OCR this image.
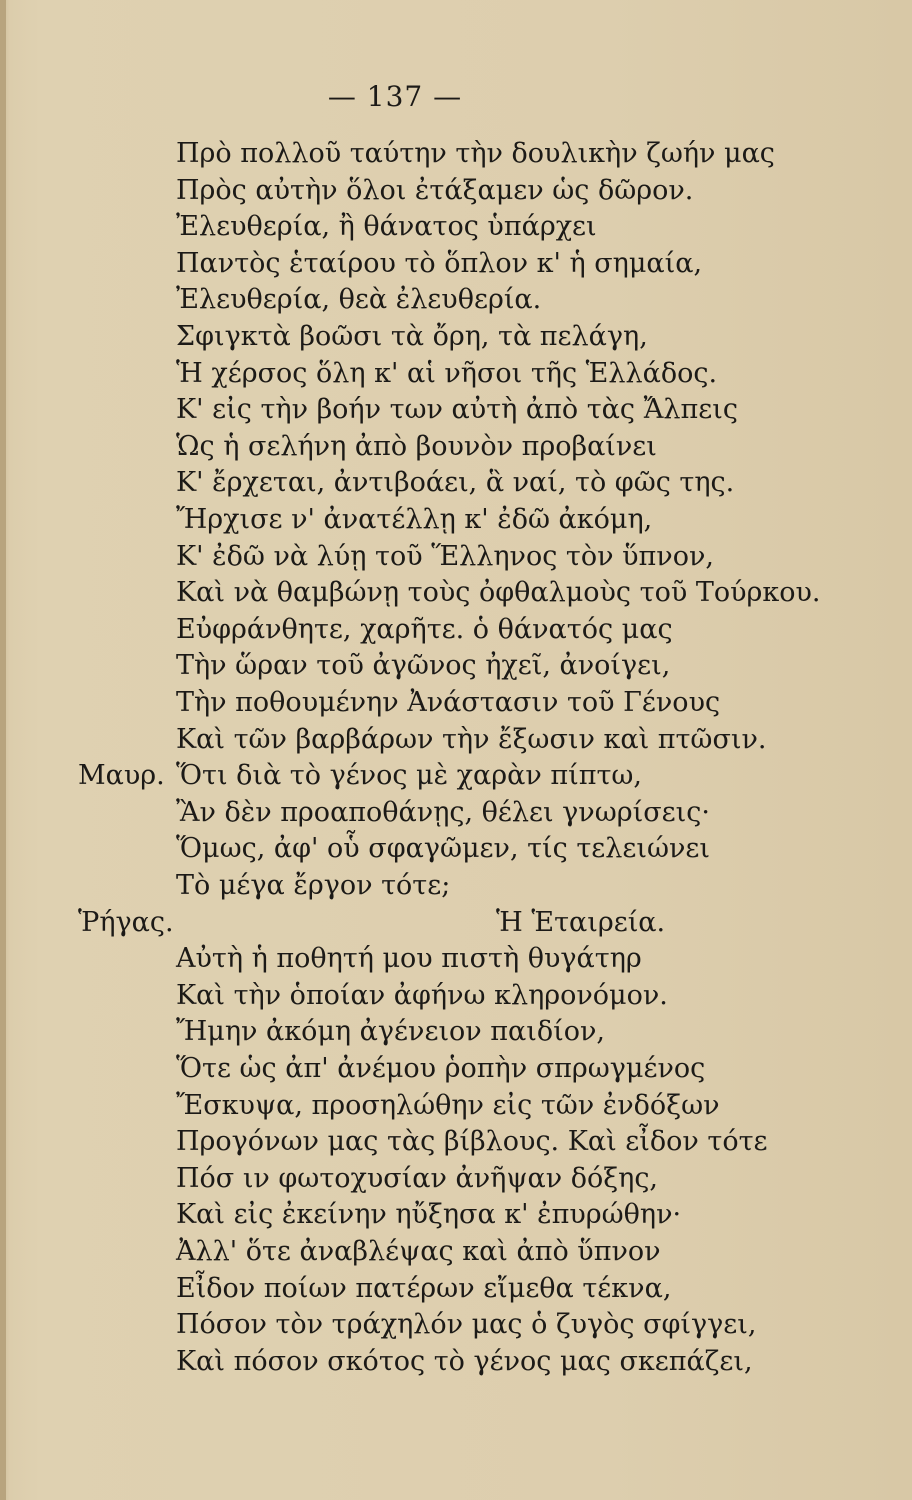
— 137 —
Πρὸ πολλοῦ ταύτην τὴν δουλικὴν ζωήν μας
Πρὸς αὐτὴν ὅλοι ἐτάξαμεν ὡς δῶρον.
Ἐλευθερία, ἢ θάνατος ὑπάρχει
Παντὸς ἑταίρου τὸ ὅπλον κ' ἡ σημαία,
Ἐλευθερία, θεὰ ἐλευθερία.
Σφιγκτὰ βοῶσι τὰ ὄρη, τὰ πελάγη,
Ἡ χέρσος ὅλη κ' αἱ νῆσοι τῆς Ἑλλάδος.
Κ' εἰς τὴν βοήν των αὐτὴ ἀπὸ τὰς Ἄλπεις
Ὡς ἡ σελήνη ἀπὸ βουνὸν προβαίνει
Κ' ἔρχεται, ἀντιβοάει, ἃ ναί, τὸ φῶς της.
Ἤρχισε ν' ἀνατέλλῃ κ' ἐδῶ ἀκόμη,
Κ' ἐδῶ νὰ λύῃ τοῦ Ἕλληνος τὸν ὕπνον,
Καὶ νὰ θαμβώνῃ τοὺς ὀφθαλμοὺς τοῦ Τούρκου.
Εὐφράνθητε, χαρῆτε. ὁ θάνατός μας
Τὴν ὥραν τοῦ ἀγῶνος ἠχεῖ, ἀνοίγει,
Τὴν ποθουμένην Ἀνάστασιν τοῦ Γένους
Καὶ τῶν βαρβάρων τὴν ἔξωσιν καὶ πτῶσιν.
Μαυρ. Ὅτι διὰ τὸ γένος μὲ χαρὰν πίπτω,
Ἂν δὲν προαποθάνῃς, θέλει γνωρίσεις·
Ὅμως, ἀφ' οὗ σφαγῶμεν, τίς τελειώνει
Τὸ μέγα ἔργον τότε;
Ῥήγας.	Ἡ Ἑταιρεία.
Αὐτὴ ἡ ποθητή μου πιστὴ θυγάτηρ
Καὶ τὴν ὁποίαν ἀφήνω κληρονόμον.
Ἤμην ἀκόμη ἀγένειον παιδίον,
Ὅτε ὡς ἀπ' ἀνέμου ῥοπὴν σπρωγμένος
Ἔσκυψα, προσηλώθην εἰς τῶν ἐνδόξων
Προγόνων μας τὰς βίβλους. Καὶ εἶδον τότε
Πόσ ιν φωτοχυσίαν ἀνῆψαν δόξης,
Καὶ εἰς ἐκείνην ηὔξησα κ' ἐπυρώθην·
Ἀλλ' ὅτε ἀναβλέψας καὶ ἀπὸ ὕπνον
Εἶδον ποίων πατέρων εἴμεθα τέκνα,
Πόσον τὸν τράχηλόν μας ὁ ζυγὸς σφίγγει,
Καὶ πόσον σκότος τὸ γένος μας σκεπάζει,
